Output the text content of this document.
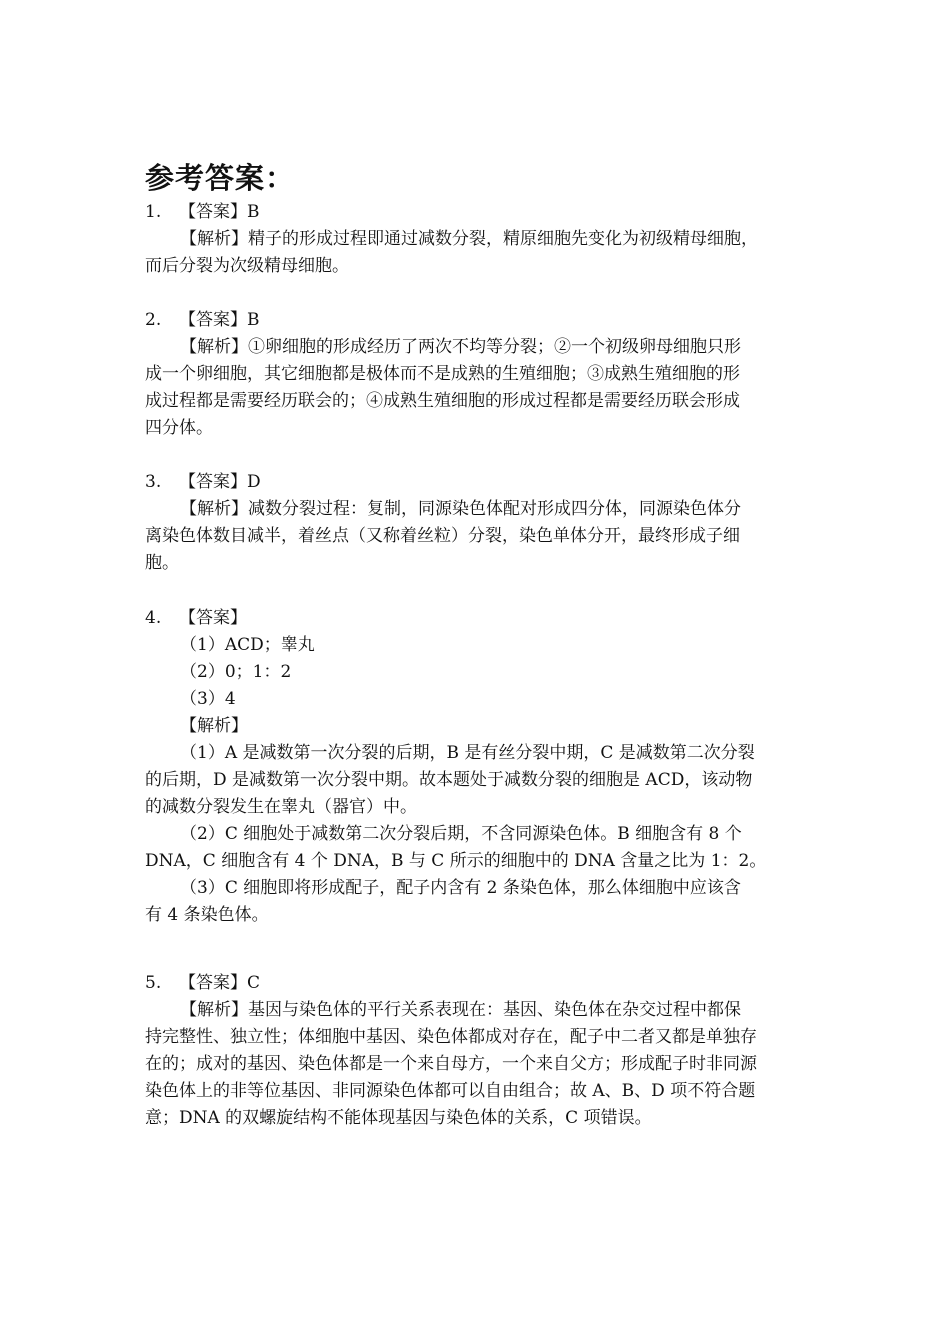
参考答案：
1. 【答案】B
【解析】精子的形成过程即通过减数分裂，精原细胞先变化为初级精母细胞，
而后分裂为次级精母细胞。
2. 【答案】B
【解析】①卵细胞的形成经历了两次不均等分裂；②一个初级卵母细胞只形
成一个卵细胞，其它细胞都是极体而不是成熟的生殖细胞；③成熟生殖细胞的形
成过程都是需要经历联会的；④成熟生殖细胞的形成过程都是需要经历联会形成
四分体。
3. 【答案】D
【解析】减数分裂过程：复制，同源染色体配对形成四分体，同源染色体分
离染色体数目减半，着丝点（又称着丝粒）分裂，染色单体分开，最终形成子细
胞。
4. 【答案】
（1）ACD；睾丸
（2）0；1：2
（3）4
【解析】
（1）A 是减数第一次分裂的后期，B 是有丝分裂中期，C 是减数第二次分裂
的后期，D 是减数第一次分裂中期。故本题处于减数分裂的细胞是 ACD，该动物
的减数分裂发生在睾丸（器官）中。
（2）C 细胞处于减数第二次分裂后期，不含同源染色体。B 细胞含有 8 个
DNA，C 细胞含有 4 个 DNA，B 与 C 所示的细胞中的 DNA 含量之比为 1：2。
（3）C 细胞即将形成配子，配子内含有 2 条染色体，那么体细胞中应该含
有 4 条染色体。
5. 【答案】C
【解析】基因与染色体的平行关系表现在：基因、染色体在杂交过程中都保
持完整性、独立性；体细胞中基因、染色体都成对存在，配子中二者又都是单独存
在的；成对的基因、染色体都是一个来自母方，一个来自父方；形成配子时非同源
染色体上的非等位基因、非同源染色体都可以自由组合；故 A、B、D 项不符合题
意；DNA 的双螺旋结构不能体现基因与染色体的关系，C 项错误。
